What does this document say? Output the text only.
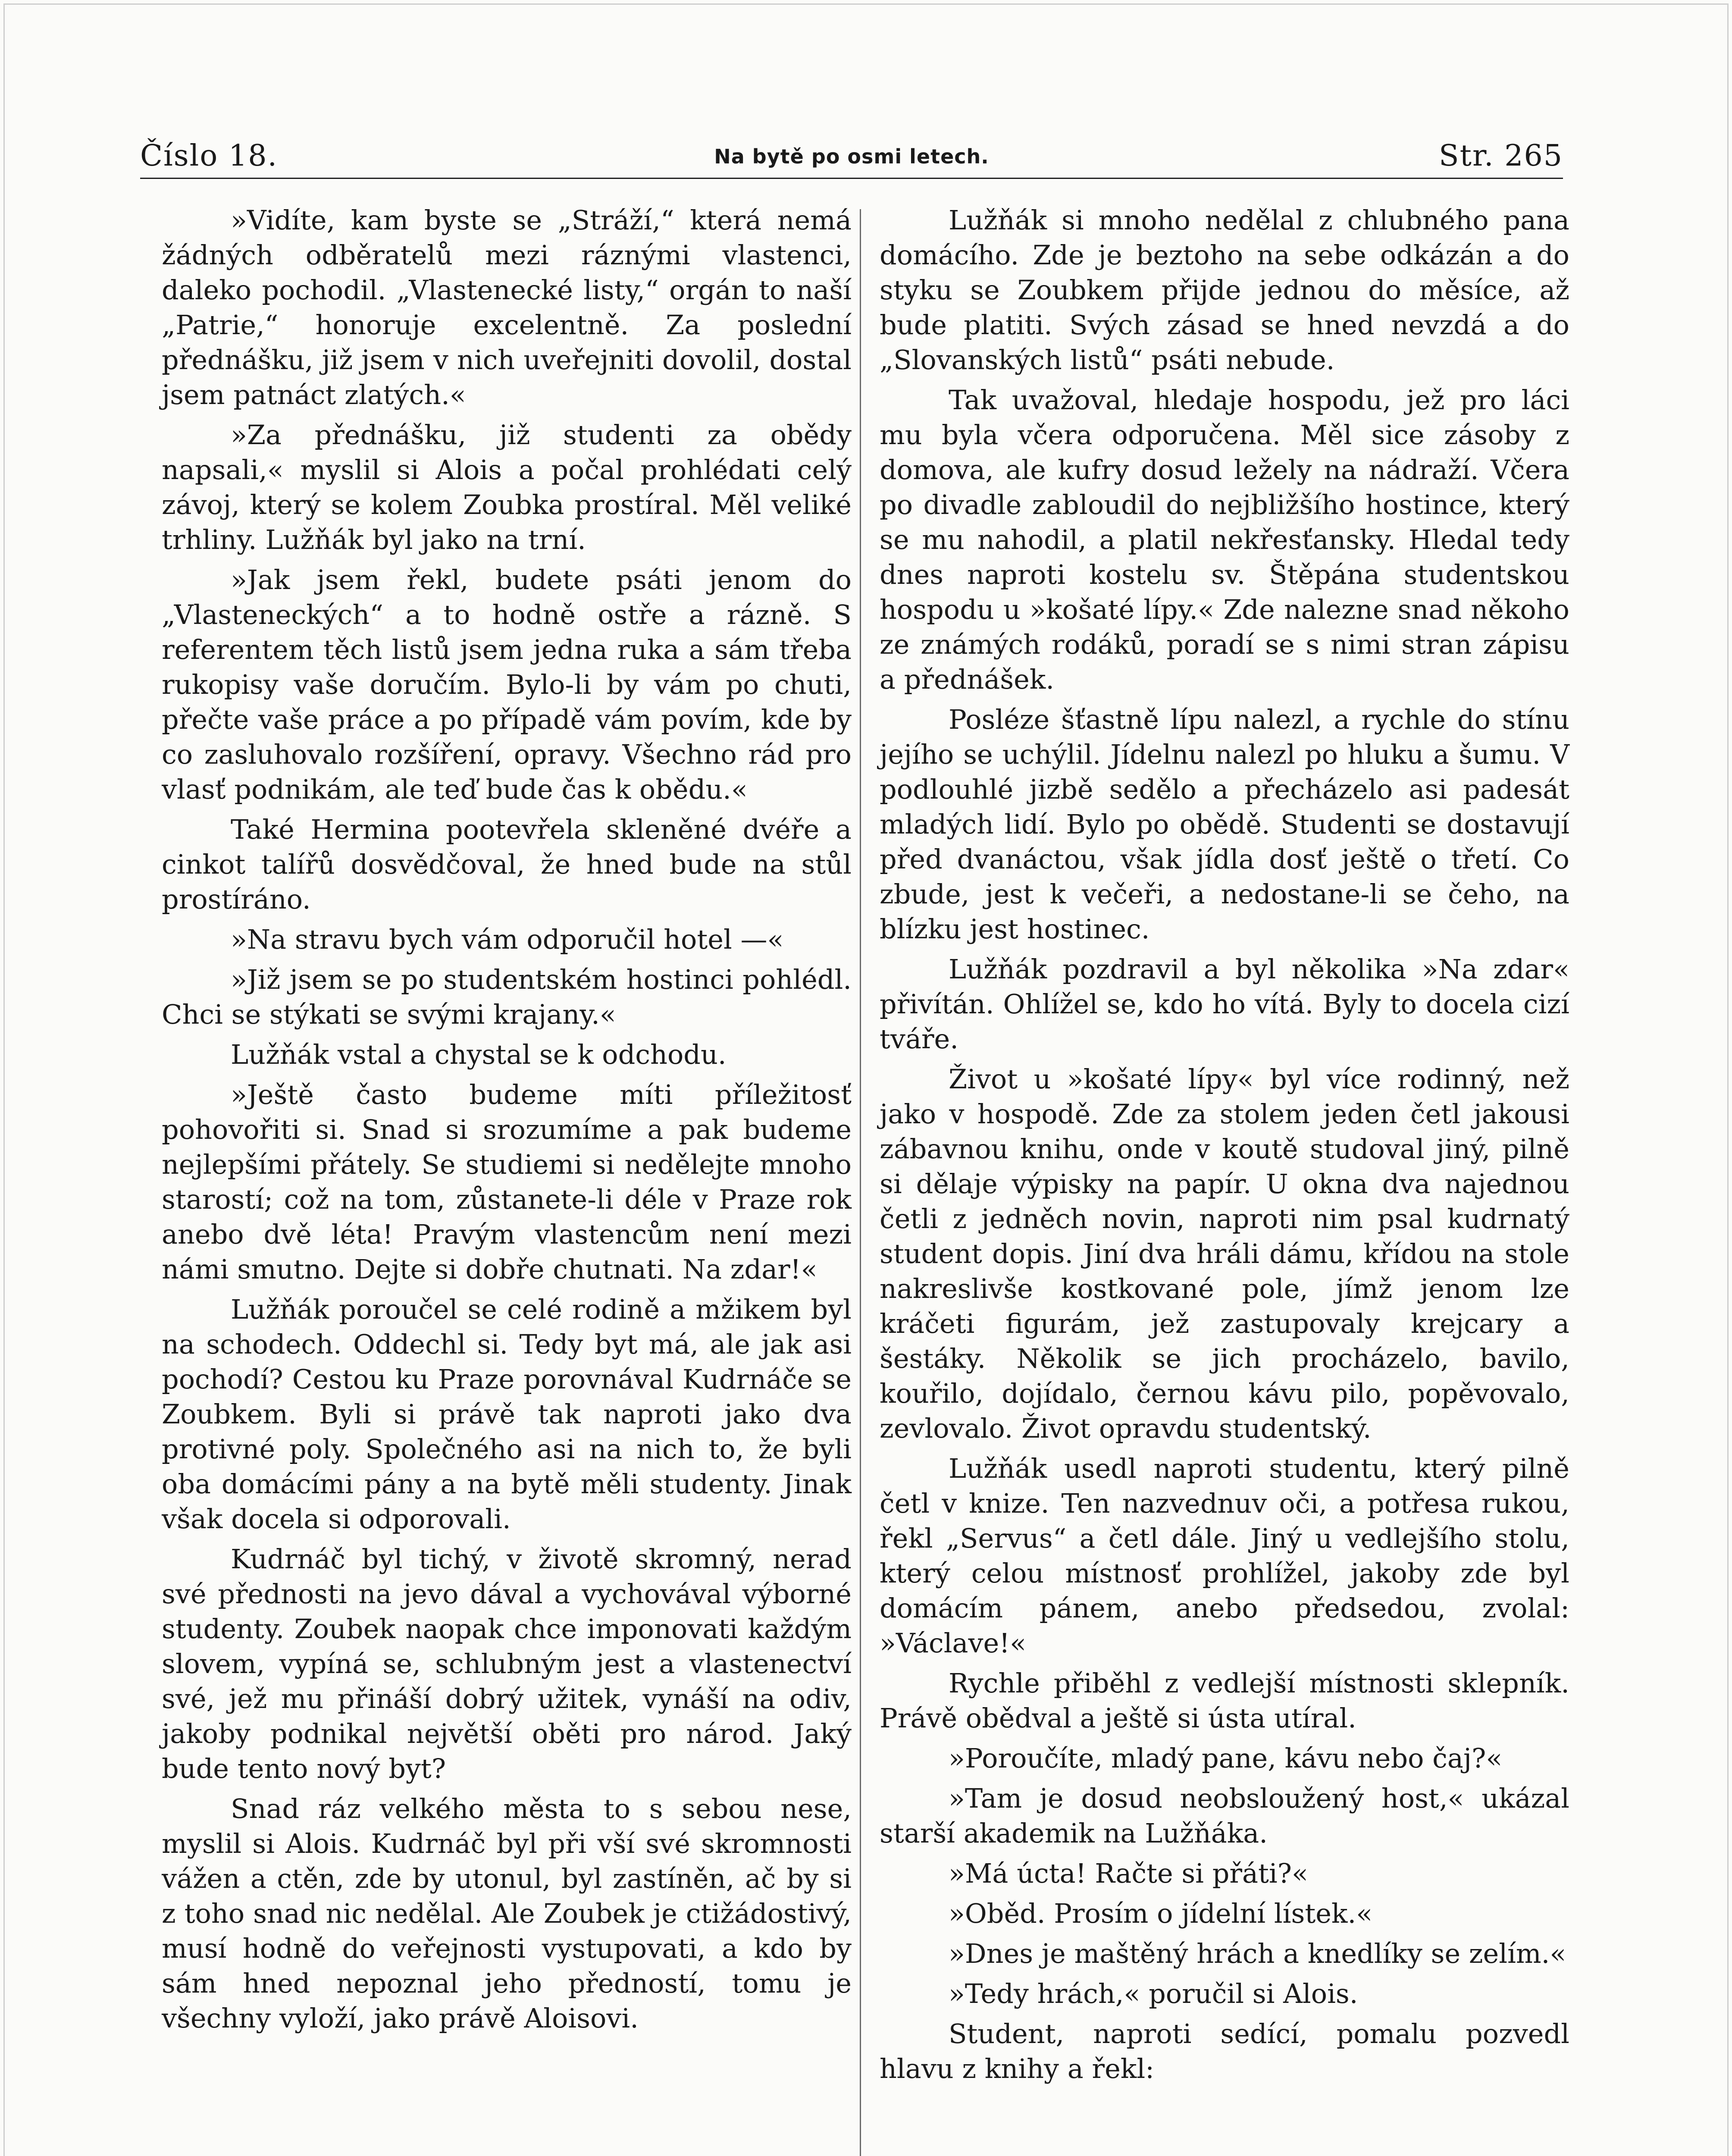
Číslo 18.	Na bytě po osmi letech.	Str. 265

»Vidíte, kam byste se „Stráží,“ která nemá žádných odběratelů mezi ráznými vlastenci, daleko pochodil. „Vlastenecké listy,“ orgán to naší „Patrie,“ honoruje excelentně. Za poslední přednášku, již jsem v nich uveřejniti dovolil, dostal jsem patnáct zlatých.«

»Za přednášku, již studenti za obědy napsali,« myslil si Alois a počal prohlédati celý závoj, který se kolem Zoubka prostíral. Měl veliké trhliny. Lužňák byl jako na trní.

»Jak jsem řekl, budete psáti jenom do „Vlasteneckých“ a to hodně ostře a rázně. S referentem těch listů jsem jedna ruka a sám třeba rukopisy vaše doručím. Bylo-li by vám po chuti, přečte vaše práce a po případě vám povím, kde by co zasluhovalo rozšíření, opravy. Všechno rád pro vlasť podnikám, ale teď bude čas k obědu.«

Také Hermina pootevřela skleněné dvéře a cinkot talířů dosvědčoval, že hned bude na stůl prostíráno.

»Na stravu bych vám odporučil hotel —«

»Již jsem se po studentském hostinci pohlédl. Chci se stýkati se svými krajany.«

Lužňák vstal a chystal se k odchodu.

»Ještě často budeme míti příležitosť pohovořiti si. Snad si srozumíme a pak budeme nejlepšími přátely. Se studiemi si nedělejte mnoho starostí; což na tom, zůstanete-li déle v Praze rok anebo dvě léta! Pravým vlastencům není mezi námi smutno. Dejte si dobře chutnati. Na zdar!«

Lužňák poroučel se celé rodině a mžikem byl na schodech. Oddechl si. Tedy byt má, ale jak asi pochodí? Cestou ku Praze porovnával Kudrnáče se Zoubkem. Byli si právě tak naproti jako dva protivné poly. Společného asi na nich to, že byli oba domácími pány a na bytě měli studenty. Jinak však docela si odporovali.

Kudrnáč byl tichý, v životě skromný, nerad své přednosti na jevo dával a vychovával výborné studenty. Zoubek naopak chce imponovati každým slovem, vypíná se, schlubným jest a vlastenectví své, jež mu přináší dobrý užitek, vynáší na odiv, jakoby podnikal největší oběti pro národ. Jaký bude tento nový byt?

Snad ráz velkého města to s sebou nese, myslil si Alois. Kudrnáč byl při vší své skromnosti vážen a ctěn, zde by utonul, byl zastíněn, ač by si z toho snad nic nedělal. Ale Zoubek je ctižádostivý, musí hodně do veřejnosti vystupovati, a kdo by sám hned nepoznal jeho předností, tomu je všechny vyloží, jako právě Aloisovi.

Lužňák si mnoho nedělal z chlubného pana domácího. Zde je beztoho na sebe odkázán a do styku se Zoubkem přijde jednou do měsíce, až bude platiti. Svých zásad se hned nevzdá a do „Slovanských listů“ psáti nebude.

Tak uvažoval, hledaje hospodu, jež pro láci mu byla včera odporučena. Měl sice zásoby z domova, ale kufry dosud ležely na nádraží. Včera po divadle zabloudil do nejbližšího hostince, který se mu nahodil, a platil nekřesťansky. Hledal tedy dnes naproti kostelu sv. Štěpána studentskou hospodu u »košaté lípy.« Zde nalezne snad někoho ze známých rodáků, poradí se s nimi stran zápisu a přednášek.

Posléze šťastně lípu nalezl, a rychle do stínu jejího se uchýlil. Jídelnu nalezl po hluku a šumu. V podlouhlé jizbě sedělo a přecházelo asi padesát mladých lidí. Bylo po obědě. Studenti se dostavují před dvanáctou, však jídla dosť ještě o třetí. Co zbude, jest k večeři, a nedostane-li se čeho, na blízku jest hostinec.

Lužňák pozdravil a byl několika »Na zdar« přivítán. Ohlížel se, kdo ho vítá. Byly to docela cizí tváře.

Život u »košaté lípy« byl více rodinný, než jako v hospodě. Zde za stolem jeden četl jakousi zábavnou knihu, onde v koutě studoval jiný, pilně si dělaje výpisky na papír. U okna dva najednou četli z jedněch novin, naproti nim psal kudrnatý student dopis. Jiní dva hráli dámu, křídou na stole nakreslivše kostkované pole, jímž jenom lze kráčeti figurám, jež zastupovaly krejcary a šestáky. Několik se jich procházelo, bavilo, kouřilo, dojídalo, černou kávu pilo, popěvovalo, zevlovalo. Život opravdu studentský.

Lužňák usedl naproti studentu, který pilně četl v knize. Ten nazvednuv oči, a potřesa rukou, řekl „Servus“ a četl dále. Jiný u vedlejšího stolu, který celou místnosť prohlížel, jakoby zde byl domácím pánem, anebo předsedou, zvolal: »Václave!«

Rychle přiběhl z vedlejší místnosti sklepník. Právě obědval a ještě si ústa utíral.

»Poroučíte, mladý pane, kávu nebo čaj?«

»Tam je dosud neobsloužený host,« ukázal starší akademik na Lužňáka.

»Má úcta! Račte si přáti?«

»Oběd. Prosím o jídelní lístek.«

»Dnes je maštěný hrách a knedlíky se zelím.«

»Tedy hrách,« poručil si Alois.

Student, naproti sedící, pomalu pozvedl hlavu z knihy a řekl:
